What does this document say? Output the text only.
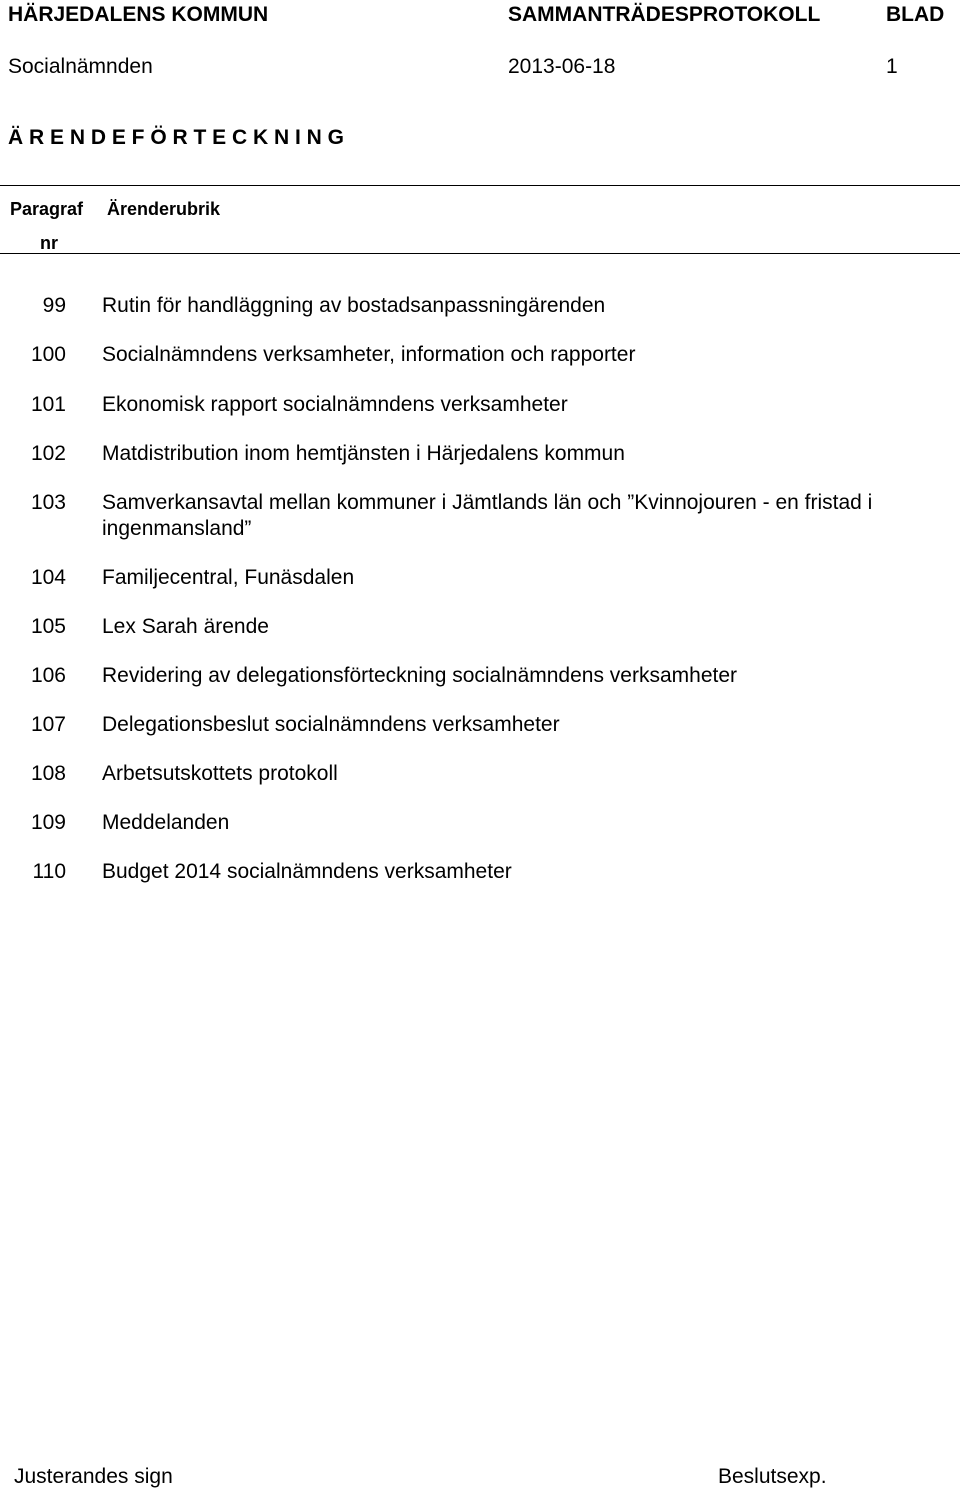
HÄRJEDALENS KOMMUN	SAMMANTRÄDESPROTOKOLL	BLAD
Socialnämnden	2013-06-18	1
Ä R E N D E F Ö R T E C K N I N G
Paragraf
nr
Ärenderubrik
99 Rutin för handläggning av bostadsanpassningärenden
100 Socialnämndens verksamheter, information och rapporter
101 Ekonomisk rapport socialnämndens verksamheter
102 Matdistribution inom hemtjänsten i Härjedalens kommun
103 Samverkansavtal mellan kommuner i Jämtlands län och ”Kvinnojouren - en fristad i ingenmansland”
104 Familjecentral, Funäsdalen
105 Lex Sarah ärende
106 Revidering av delegationsförteckning socialnämndens verksamheter
107 Delegationsbeslut socialnämndens verksamheter
108 Arbetsutskottets protokoll
109 Meddelanden
110 Budget 2014 socialnämndens verksamheter
Justerandes sign	Beslutsexp.
